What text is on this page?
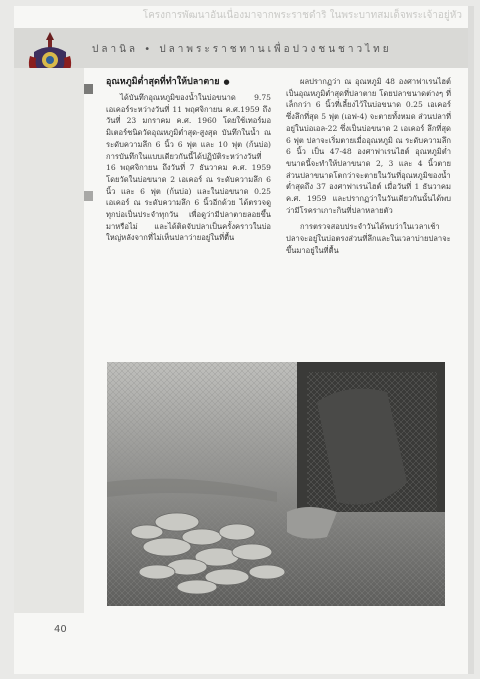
โครงการพัฒนาอันเนื่องมาจากพระราชดำริ ในพระบาทสมเด็จพระเจ้าอยู่หัว
ปลานิล • ปลาพระราชทานเพื่อปวงชนชาวไทย
อุณหภูมิต่ำสุดที่ทำให้ปลาตาย ●

ได้บันทึกอุณหภูมิของน้ำในบ่อขนาด 9.75 เอเคอร์ระหว่างวันที่ 11 พฤศจิกายน ค.ศ.1959 ถึงวันที่ 23 มกราคม ค.ศ. 1960 โดยใช้เทอร์มอมิเตอร์ชนิดวัดอุณหภูมิต่ำสุด-สูงสุด บันทึกในน้ำ ณ ระดับความลึก 6 นิ้ว 6 ฟุต และ 10 ฟุต (ก้นบ่อ) การบันทึกในแบบเดียวกันนี้ได้ปฏิบัติระหว่างวันที่ 16 พฤศจิกายน ถึงวันที่ 7 ธันวาคม ค.ศ. 1959 โดยวัดในบ่อขนาด 2 เอเคอร์ ณ ระดับความลึก 6 นิ้ว และ 6 ฟุต (ก้นบ่อ) และในบ่อขนาด 0.25 เอเคอร์ ณ ระดับความลึก 6 นิ้วอีกด้วย ได้ตรวจดูทุกบ่อเป็นประจำทุกวัน เพื่อดูว่ามีปลาตายลอยขึ้นมาหรือไม่ และได้ติดจับปลาเป็นครั้งคราวในบ่อใหญ่หลังจากที่ไม่เห็นปลาว่ายอยู่ในที่ตื้น

ผลปรากฏว่า ณ อุณหภูมิ 48 องศาฟาเรนไฮต์ เป็นอุณหภูมิต่ำสุดที่ปลาตาย โดยปลาขนาดต่างๆ ที่เล็กกว่า 6 นิ้วที่เลี้ยงไว้ในบ่อขนาด 0.25 เอเคอร์ ซึ่งลึกที่สุด 5 ฟุต (เอฟ-4) จะตายทั้งหมด ส่วนปลาที่อยู่ในบ่อเอล-22 ซึ่งเป็นบ่อขนาด 2 เอเคอร์ ลึกที่สุด 6 ฟุต ปลาจะเริ่มตายเมื่ออุณหภูมิ ณ ระดับความลึก 6 นิ้ว เป็น 47-48 องศาฟาเรนไฮต์ อุณหภูมิต่ำขนาดนี้จะทำให้ปลาขนาด 2, 3 และ 4 นิ้วตาย ส่วนปลาขนาดโตกว่าจะตายในวันที่อุณหภูมิของน้ำต่ำสุดถึง 37 องศาฟาเรนไฮต์ เมื่อวันที่ 1 ธันวาคม ค.ศ. 1959 และปรากฏว่าในวันเดียวกันนั้นได้พบว่ามีโรคราเกาะกินที่ปลาหลายตัว

การตรวจสอบประจำวันได้พบว่าในเวลาเช้าปลาจะอยู่ในบ่อตรงส่วนที่ลึกและในเวลาบ่ายปลาจะขึ้นมาอยู่ในที่ตื้น

40
